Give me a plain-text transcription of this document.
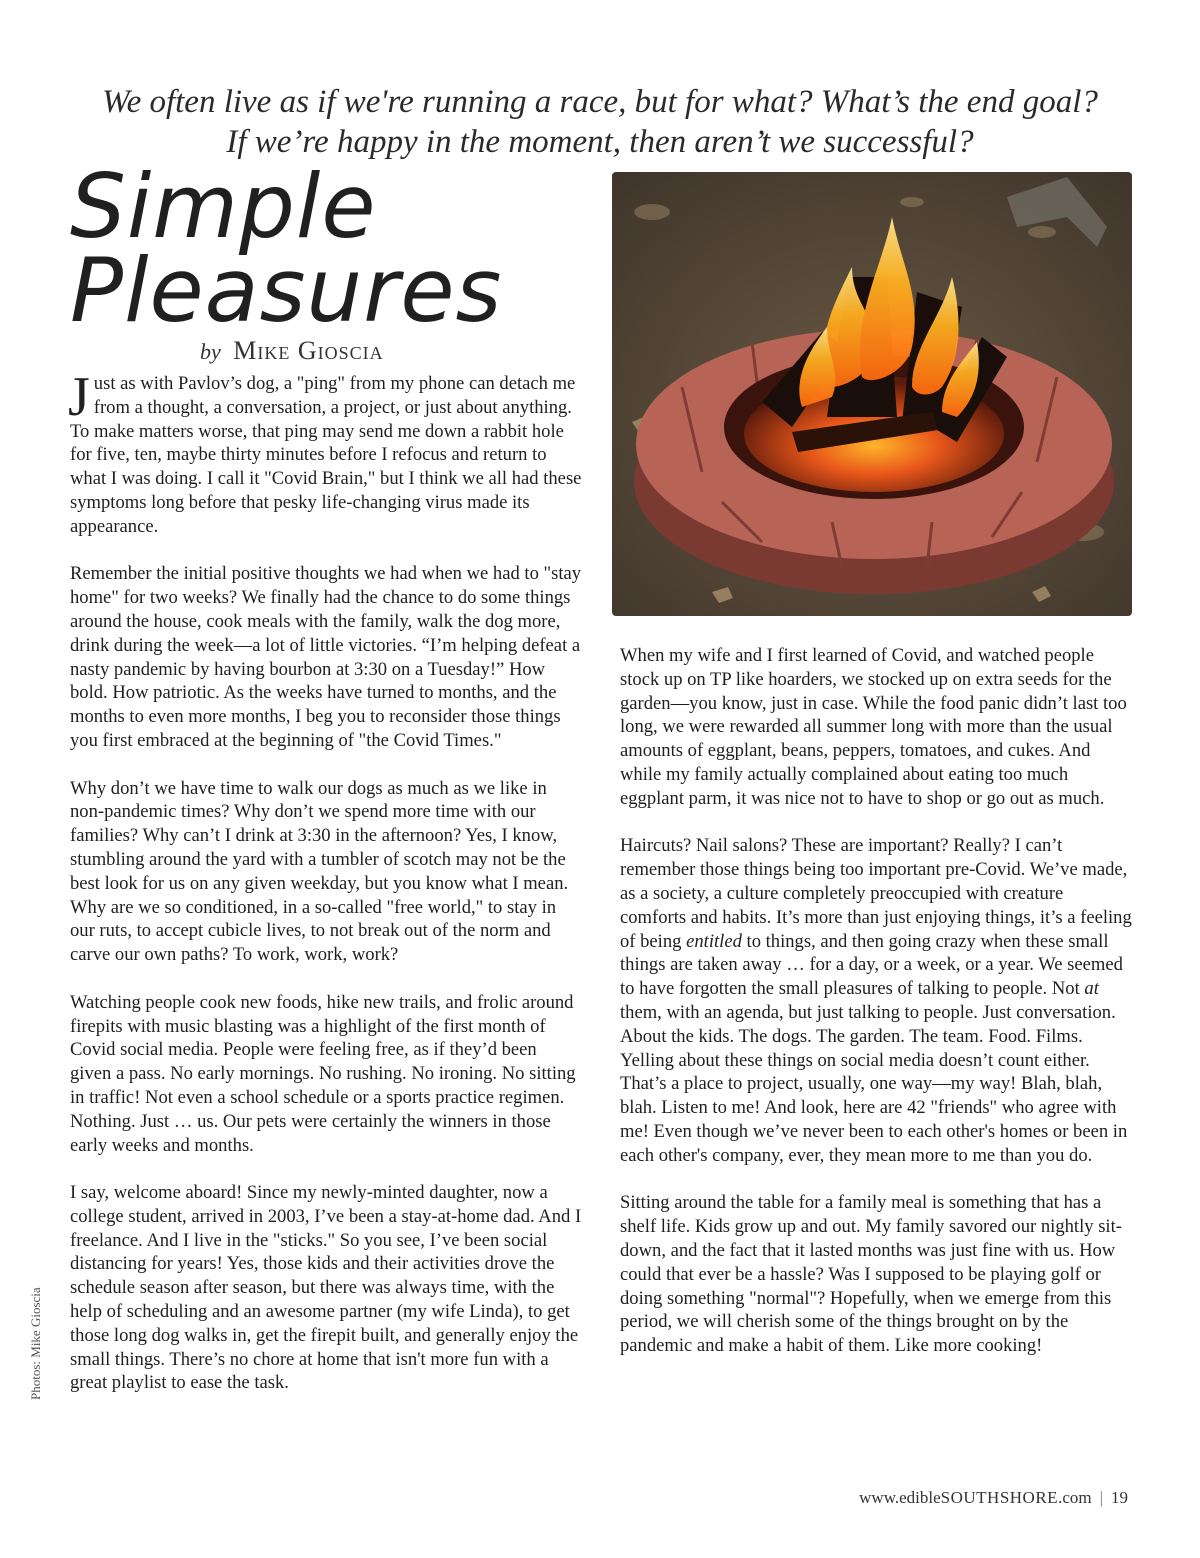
We often live as if we're running a race, but for what? What’s the end goal?
If we’re happy in the moment, then aren’t we successful?
Simple
Pleasures
by Mike Gioscia

Just as with Pavlov’s dog, a "ping" from my phone can detach me from a thought, a conversation, a project, or just about anything. To make matters worse, that ping may send me down a rabbit hole for five, ten, maybe thirty minutes before I refocus and return to what I was doing. I call it "Covid Brain," but I think we all had these symptoms long before that pesky life-changing virus made its appearance.

Remember the initial positive thoughts we had when we had to "stay home" for two weeks? We finally had the chance to do some things around the house, cook meals with the family, walk the dog more, drink during the week—a lot of little victories. “I’m helping defeat a nasty pandemic by having bourbon at 3:30 on a Tuesday!” How bold. How patriotic. As the weeks have turned to months, and the months to even more months, I beg you to reconsider those things you first embraced at the beginning of "the Covid Times."

Why don’t we have time to walk our dogs as much as we like in non-pandemic times? Why don’t we spend more time with our families? Why can’t I drink at 3:30 in the afternoon? Yes, I know, stumbling around the yard with a tumbler of scotch may not be the best look for us on any given weekday, but you know what I mean. Why are we so conditioned, in a so-called "free world," to stay in our ruts, to accept cubicle lives, to not break out of the norm and carve our own paths? To work, work, work?

Watching people cook new foods, hike new trails, and frolic around firepits with music blasting was a highlight of the first month of Covid social media. People were feeling free, as if they’d been given a pass. No early mornings. No rushing. No ironing. No sitting in traffic! Not even a school schedule or a sports practice regimen. Nothing. Just … us. Our pets were certainly the winners in those early weeks and months.

I say, welcome aboard! Since my newly-minted daughter, now a college student, arrived in 2003, I’ve been a stay-at-home dad. And I freelance. And I live in the "sticks." So you see, I’ve been social distancing for years! Yes, those kids and their activities drove the schedule season after season, but there was always time, with the help of scheduling and an awesome partner (my wife Linda), to get those long dog walks in, get the firepit built, and generally enjoy the small things. There’s no chore at home that isn't more fun with a great playlist to ease the task.

When my wife and I first learned of Covid, and watched people stock up on TP like hoarders, we stocked up on extra seeds for the garden—you know, just in case. While the food panic didn’t last too long, we were rewarded all summer long with more than the usual amounts of eggplant, beans, peppers, tomatoes, and cukes. And while my family actually complained about eating too much eggplant parm, it was nice not to have to shop or go out as much.

Haircuts? Nail salons? These are important? Really? I can’t remember those things being too important pre-Covid. We’ve made, as a society, a culture completely preoccupied with creature comforts and habits. It’s more than just enjoying things, it’s a feeling of being entitled to things, and then going crazy when these small things are taken away … for a day, or a week, or a year. We seemed to have forgotten the small pleasures of talking to people. Not at them, with an agenda, but just talking to people. Just conversation. About the kids. The dogs. The garden. The team. Food. Films. Yelling about these things on social media doesn’t count either. That’s a place to project, usually, one way—my way! Blah, blah, blah. Listen to me! And look, here are 42 "friends" who agree with me! Even though we’ve never been to each other's homes or been in each other's company, ever, they mean more to me than you do.

Sitting around the table for a family meal is something that has a shelf life. Kids grow up and out. My family savored our nightly sit-down, and the fact that it lasted months was just fine with us. How could that ever be a hassle? Was I supposed to be playing golf or doing something "normal"? Hopefully, when we emerge from this period, we will cherish some of the things brought on by the pandemic and make a habit of them. Like more cooking!

Photos: Mike Gioscia
www.edibleSOUTHSHORE.com | 19
